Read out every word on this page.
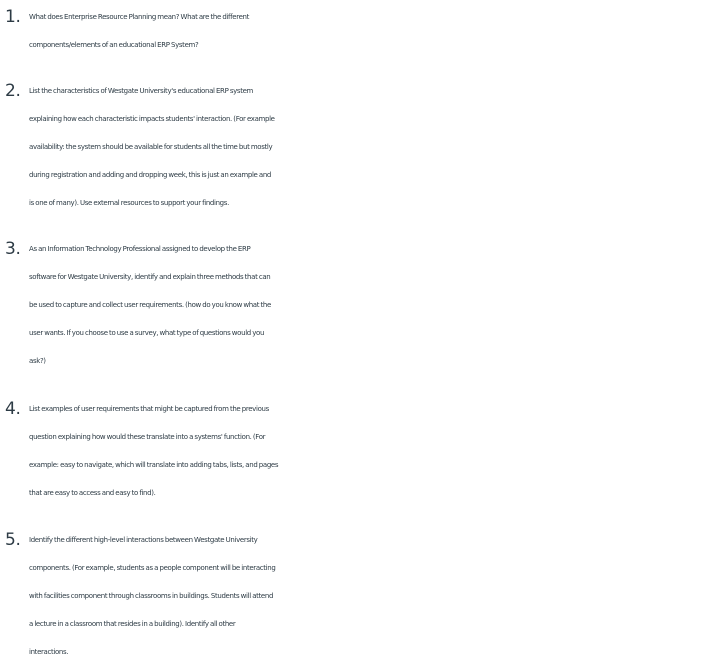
1. What does Enterprise Resource Planning mean? What are the different
components/elements of an educational ERP System?
2. List the characteristics of Westgate University's educational ERP system
explaining how each characteristic impacts students' interaction. (For example
availability: the system should be available for students all the time but mostly
during registration and adding and dropping week, this is just an example and
is one of many). Use external resources to support your findings.
3. As an Information Technology Professional assigned to develop the ERP
software for Westgate University, identify and explain three methods that can
be used to capture and collect user requirements. (how do you know what the
user wants. If you choose to use a survey, what type of questions would you
ask?)
4. List examples of user requirements that might be captured from the previous
question explaining how would these translate into a systems' function. (For
example: easy to navigate, which will translate into adding tabs, lists, and pages
that are easy to access and easy to find).
5. Identify the different high-level interactions between Westgate University
components. (For example, students as a people component will be interacting
with facilities component through classrooms in buildings. Students will attend
a lecture in a classroom that resides in a building). Identify all other
interactions.
